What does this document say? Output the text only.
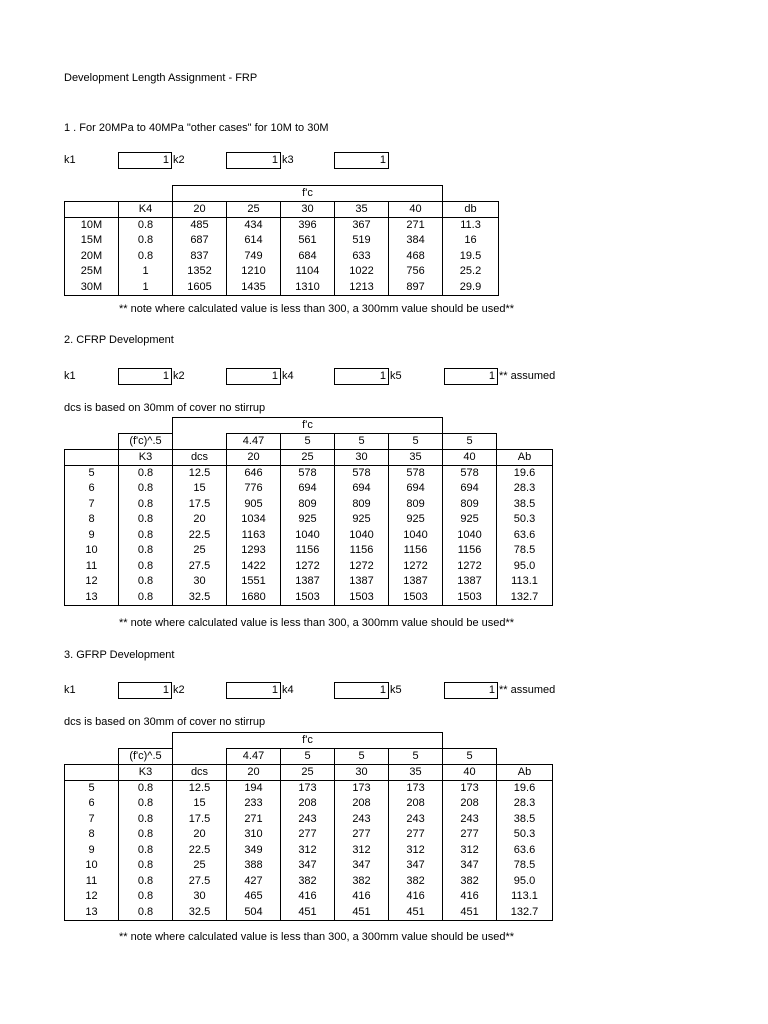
Development Length Assignment - FRP
1 . For 20MPa to 40MPa "other cases" for 10M to 30M
k1	1 k2	1 k3	1
		f'c					
	K4	20	25	30	35	40	db
10M	0.8	485	434	396	367	271	11.3
15M	0.8	687	614	561	519	384	16
20M	0.8	837	749	684	633	468	19.5
25M	1	1352	1210	1104	1022	756	25.2
30M	1	1605	1435	1310	1213	897	29.9
** note where calculated value is less than 300, a 300mm value should be used**
2. CFRP Development
k1	1 k2	1 k4	1 k5	1 ** assumed
dcs is based on 30mm of cover no stirrup
		f'c						
	(f'c)^.5		4.47	5	5	5	5	
	K3	dcs	20	25	30	35	40	Ab
5	0.8	12.5	646	578	578	578	578	19.6
6	0.8	15	776	694	694	694	694	28.3
7	0.8	17.5	905	809	809	809	809	38.5
8	0.8	20	1034	925	925	925	925	50.3
9	0.8	22.5	1163	1040	1040	1040	1040	63.6
10	0.8	25	1293	1156	1156	1156	1156	78.5
11	0.8	27.5	1422	1272	1272	1272	1272	95.0
12	0.8	30	1551	1387	1387	1387	1387	113.1
13	0.8	32.5	1680	1503	1503	1503	1503	132.7
** note where calculated value is less than 300, a 300mm value should be used**
3. GFRP Development
k1	1 k2	1 k4	1 k5	1 ** assumed
dcs is based on 30mm of cover no stirrup
		f'c						
	(f'c)^.5		4.47	5	5	5	5	
	K3	dcs	20	25	30	35	40	Ab
5	0.8	12.5	194	173	173	173	173	19.6
6	0.8	15	233	208	208	208	208	28.3
7	0.8	17.5	271	243	243	243	243	38.5
8	0.8	20	310	277	277	277	277	50.3
9	0.8	22.5	349	312	312	312	312	63.6
10	0.8	25	388	347	347	347	347	78.5
11	0.8	27.5	427	382	382	382	382	95.0
12	0.8	30	465	416	416	416	416	113.1
13	0.8	32.5	504	451	451	451	451	132.7
** note where calculated value is less than 300, a 300mm value should be used**
